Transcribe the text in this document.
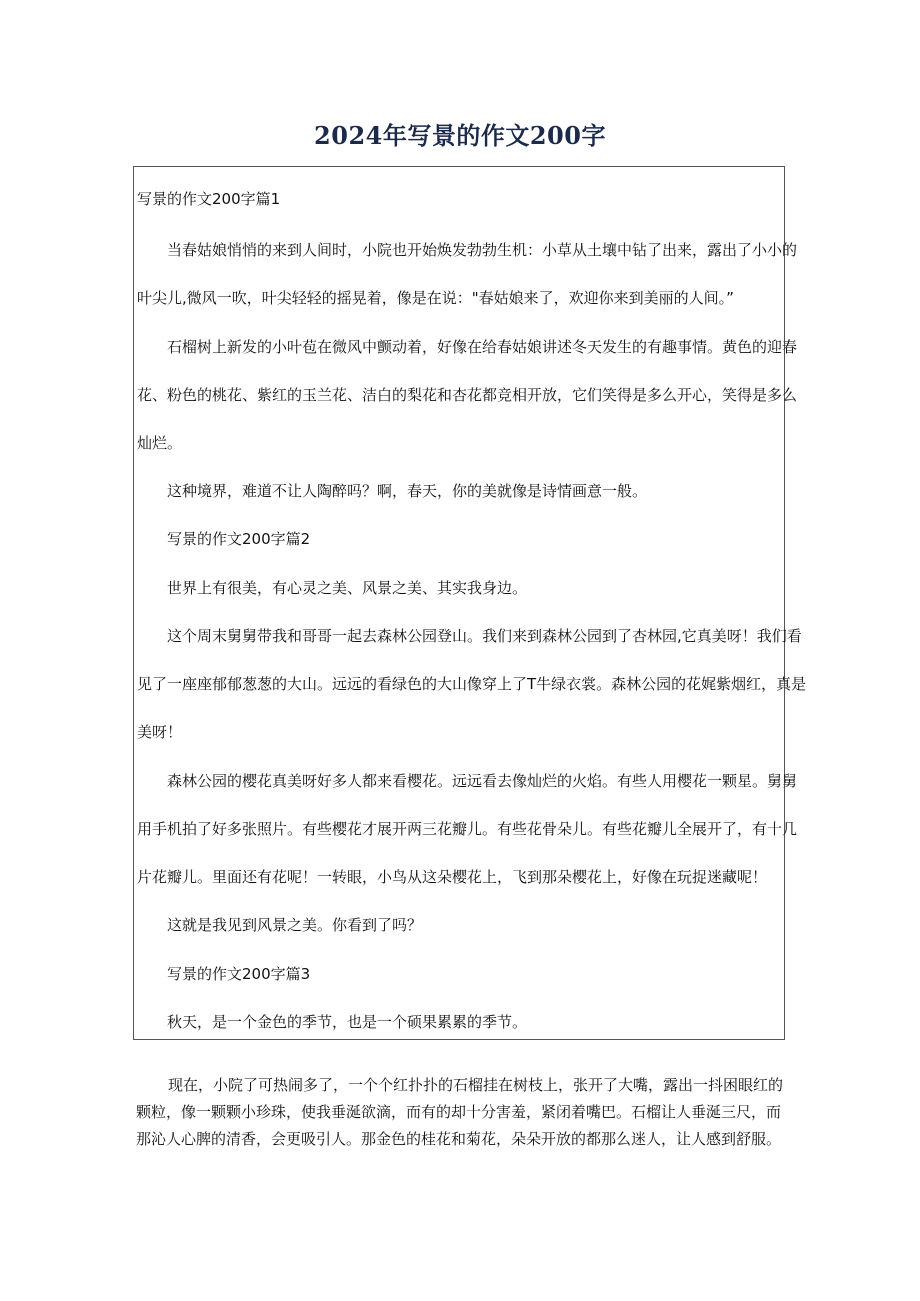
2024年写景的作文200字
写景的作文200字篇1
当春姑娘悄悄的来到人间时，小院也开始焕发勃勃生机：小草从土壤中钻了出来，露出了小小的
叶尖儿,微风一吹，叶尖轻轻的摇晃着，像是在说："春姑娘来了，欢迎你来到美丽的人间。”
石榴树上新发的小叶苞在微风中颤动着，好像在给春姑娘讲述冬天发生的有趣事情。黄色的迎春
花、粉色的桃花、紫红的玉兰花、洁白的梨花和杏花都竞相开放，它们笑得是多么开心，笑得是多么
灿烂。
这种境界，难道不让人陶醉吗？啊，春天，你的美就像是诗情画意一般。
写景的作文200字篇2
世界上有很美，有心灵之美、风景之美、其实我身边。
这个周末舅舅带我和哥哥一起去森林公园登山。我们来到森林公园到了杏林园,它真美呀！我们看
见了一座座郁郁葱葱的大山。远远的看绿色的大山像穿上了T牛绿衣裳。森林公园的花娓紫烟红，真是
美呀！
森林公园的樱花真美呀好多人都来看樱花。远远看去像灿烂的火焰。有些人用樱花一颗星。舅舅
用手机拍了好多张照片。有些樱花才展开两三花瓣儿。有些花骨朵儿。有些花瓣儿全展开了，有十几
片花瓣儿。里面还有花呢！一转眼，小鸟从这朵樱花上，飞到那朵樱花上，好像在玩捉迷藏呢！
这就是我见到风景之美。你看到了吗？
写景的作文200字篇3
秋天，是一个金色的季节，也是一个硕果累累的季节。

现在，小院了可热闹多了，一个个红扑扑的石榴挂在树枝上，张开了大嘴，露出一抖困眼红的颗粒，像一颗颗小珍珠，使我垂涎欲滴，而有的却十分害羞，紧闭着嘴巴。石榴让人垂涎三尺，而那沁人心脾的清香，会更吸引人。那金色的桂花和菊花，朵朵开放的都那么迷人，让人感到舒服。
